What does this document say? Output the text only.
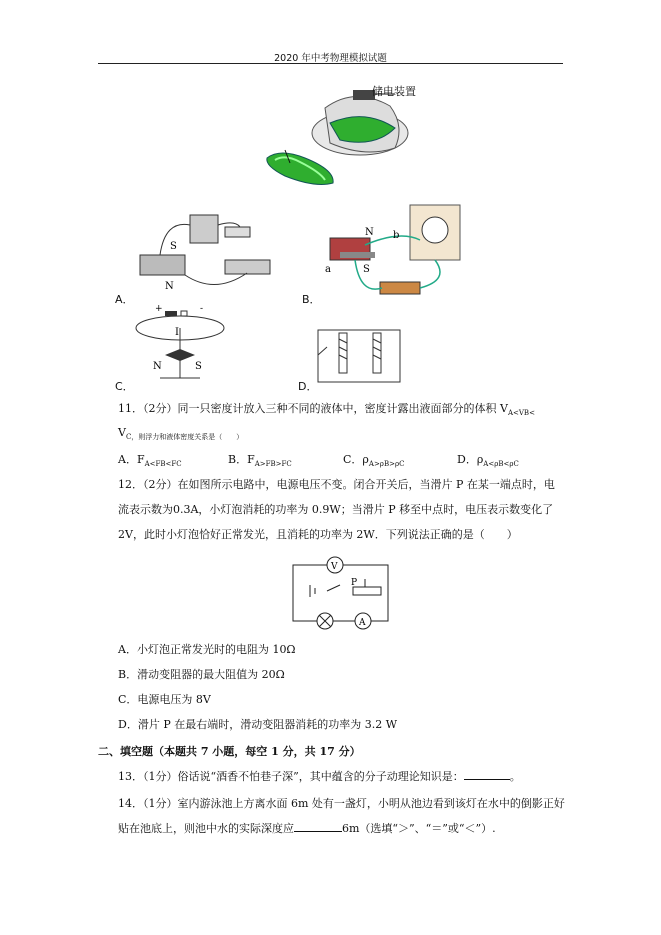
2020 年中考物理模拟试题
储电装置
S
N
A．
N b
a	S
B．
+	-
I
N	S
C．	D．
11．（2分）同一只密度计放入三种不同的液体中，密度计露出液面部分的体积 $V_{A<VB<}$
$V_{C,则浮力和液体密度关系是( )}$
A．$F_{A<FB<FC}$	B．$F_{A>FB>FC}$	C．$\rho_{A>\rho B>\rho C}$	D．$\rho_{A<\rho B<\rho C}$
12．（2分）在如图所示电路中，电源电压不变。闭合开关后，当滑片 P 在某一端点时，电
流表示数为0.3A，小灯泡消耗的功率为 0.9W；当滑片 P 移至中点时，电压表示数变化了
2V，此时小灯泡恰好正常发光，且消耗的功率为 2W．下列说法正确的是（　　）
V
P
A
A．小灯泡正常发光时的电阻为 10Ω
B．滑动变阻器的最大阻值为 20Ω
C．电源电压为 8V
D．滑片 P 在最右端时，滑动变阻器消耗的功率为 3.2 W
二、填空题（本题共 7 小题，每空 1 分，共 17 分）
13．（1分）俗话说“酒香不怕巷子深”，其中蕴含的分子动理论知识是：	。
14．（1分）室内游泳池上方离水面 6m 处有一盏灯，小明从池边看到该灯在水中的倒影正好
贴在池底上，则池中水的实际深度应	6m（选填“＞”、“＝”或“＜”）.
